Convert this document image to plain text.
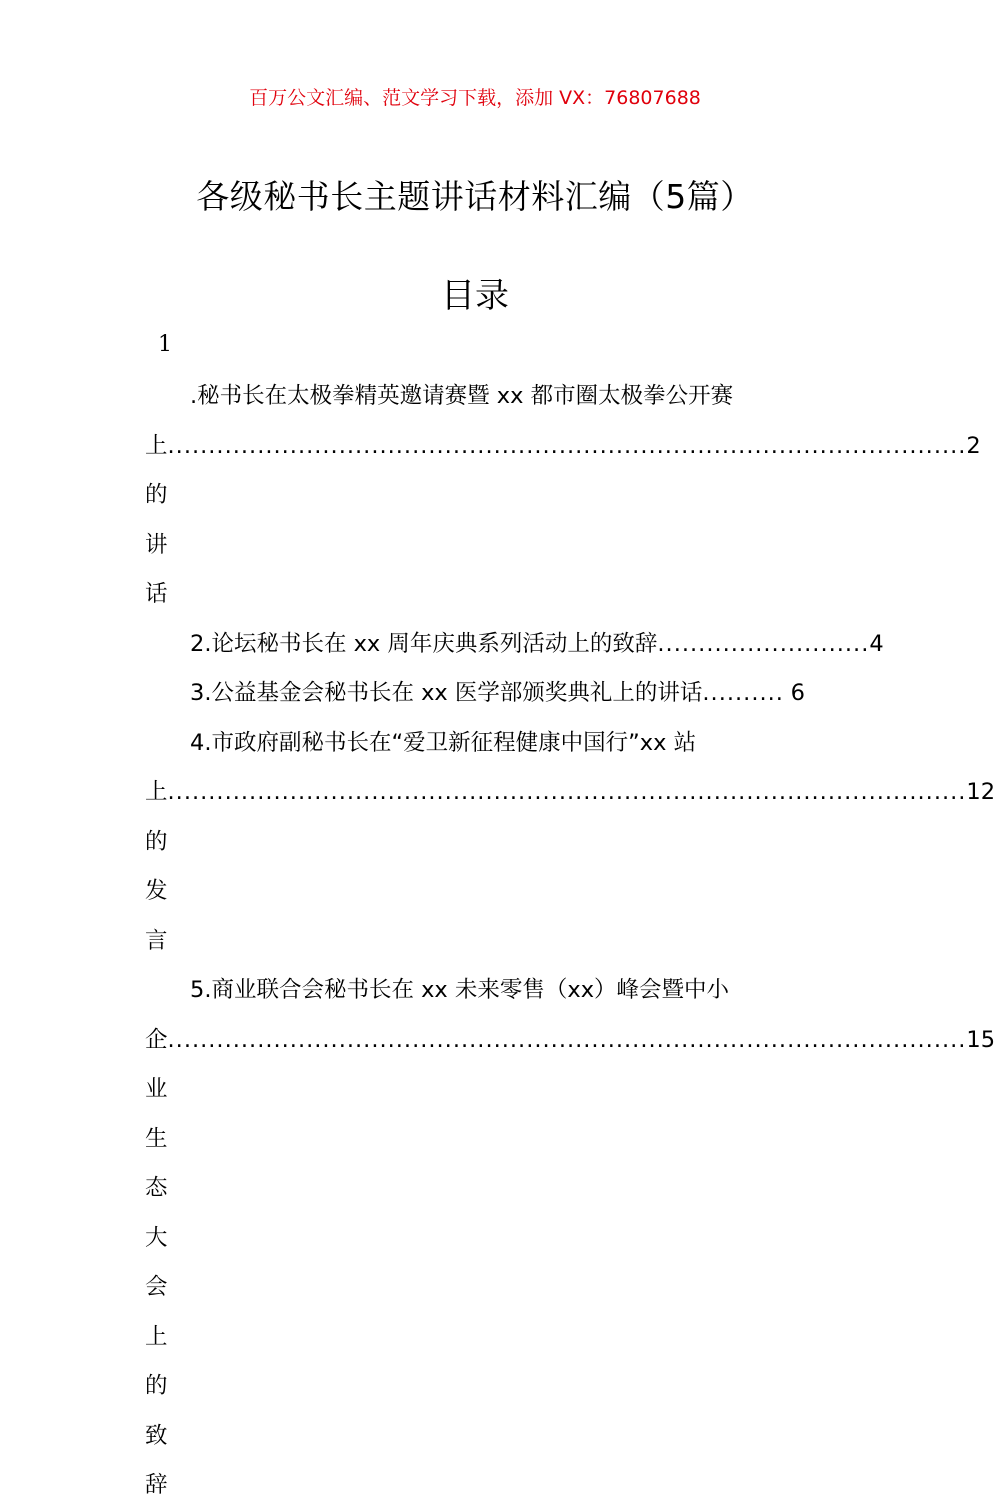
百万公文汇编、范文学习下载，添加 VX：76807688
各级秘书长主题讲话材料汇编（5篇）
目录
1
.秘书长在太极拳精英邀请赛暨 xx 都市圈太极拳公开赛
上的讲话
.................................................................................................. 2
2.论坛秘书长在 xx 周年庆典系列活动上的致辞 .......................... 4
3.公益基金会秘书长在 xx 医学部颁奖典礼上的讲话 .......... 6
4.市政府副秘书长在“爱卫新征程健康中国行”xx 站
上的发言
.................................................................................................. 12
5.商业联合会秘书长在 xx 未来零售（xx）峰会暨中小
企业生态大会上的致辞
.................................................................................................. 15
